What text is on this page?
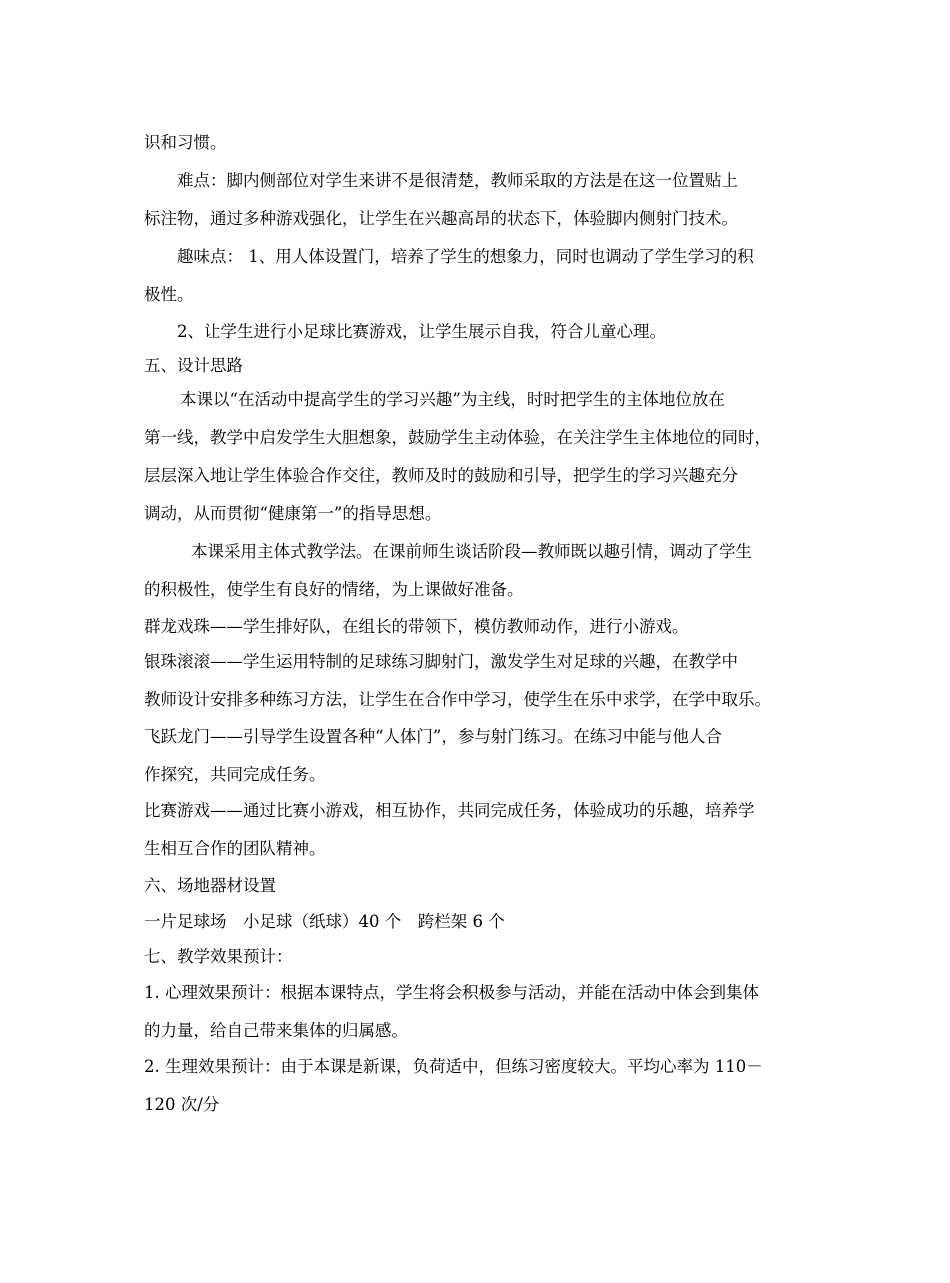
识和习惯。
难点：脚内侧部位对学生来讲不是很清楚，教师采取的方法是在这一位置贴上
标注物，通过多种游戏强化，让学生在兴趣高昂的状态下，体验脚内侧射门技术。
趣味点： 1、用人体设置门，培养了学生的想象力，同时也调动了学生学习的积
极性。
2、让学生进行小足球比赛游戏，让学生展示自我，符合儿童心理。
五、设计思路
本课以“在活动中提高学生的学习兴趣”为主线，时时把学生的主体地位放在
第一线，教学中启发学生大胆想象，鼓励学生主动体验，在关注学生主体地位的同时，
层层深入地让学生体验合作交往，教师及时的鼓励和引导，把学生的学习兴趣充分
调动，从而贯彻“健康第一”的指导思想。
本课采用主体式教学法。在课前师生谈话阶段—教师既以趣引情，调动了学生
的积极性，使学生有良好的情绪，为上课做好准备。
群龙戏珠——学生排好队，在组长的带领下，模仿教师动作，进行小游戏。
银珠滚滚——学生运用特制的足球练习脚射门，激发学生对足球的兴趣，在教学中
教师设计安排多种练习方法，让学生在合作中学习，使学生在乐中求学，在学中取乐。
飞跃龙门——引导学生设置各种“人体门”，参与射门练习。在练习中能与他人合
作探究，共同完成任务。
比赛游戏——通过比赛小游戏，相互协作，共同完成任务，体验成功的乐趣，培养学
生相互合作的团队精神。
六、场地器材设置
一片足球场　小足球（纸球）40 个　跨栏架 6 个
七、教学效果预计：
1. 心理效果预计：根据本课特点，学生将会积极参与活动，并能在活动中体会到集体
的力量，给自己带来集体的归属感。
2. 生理效果预计：由于本课是新课，负荷适中，但练习密度较大。平均心率为 110－
120 次/分
